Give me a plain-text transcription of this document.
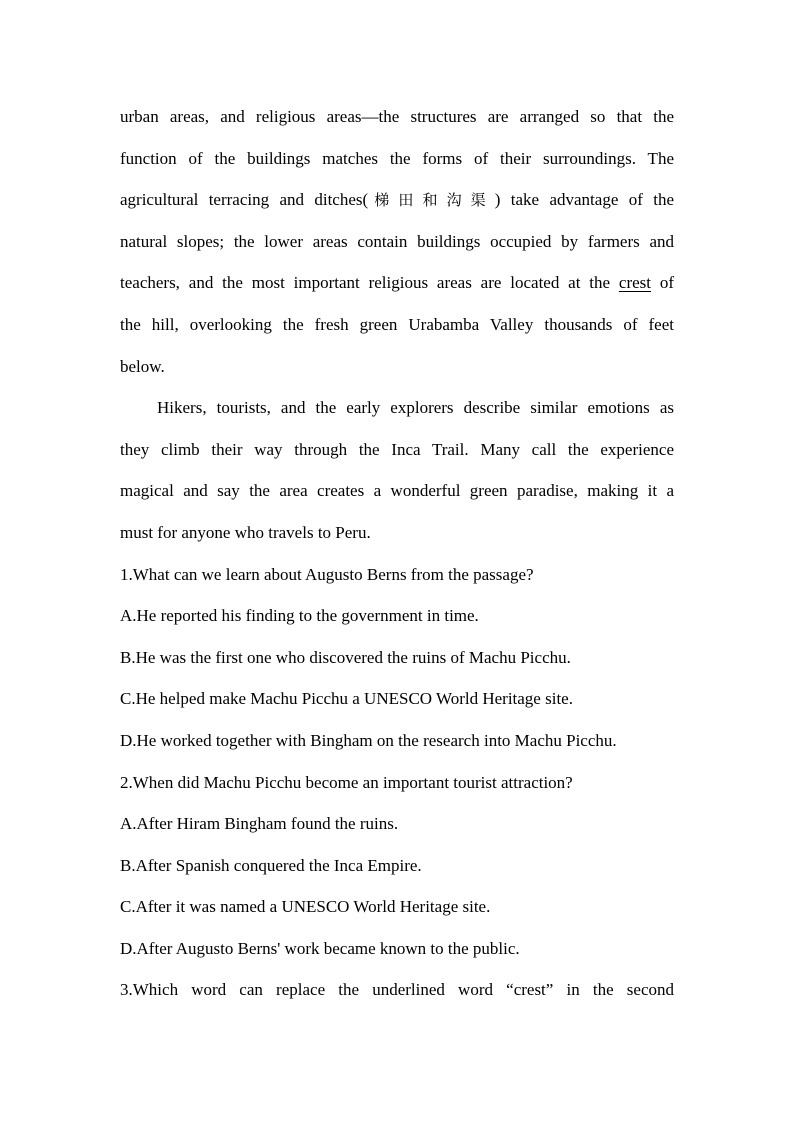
urban areas, and religious areas—the structures are arranged so that the
function of the buildings matches the forms of their surroundings. The
agricultural terracing and ditches(梯田和沟渠) take advantage of the
natural slopes; the lower areas contain buildings occupied by farmers and
teachers, and the most important religious areas are located at the crest of
the hill, overlooking the fresh green Urabamba Valley thousands of feet
below.
Hikers, tourists, and the early explorers describe similar emotions as
they climb their way through the Inca Trail. Many call the experience
magical and say the area creates a wonderful green paradise, making it a
must for anyone who travels to Peru.
1.What can we learn about Augusto Berns from the passage?
A.He reported his finding to the government in time.
B.He was the first one who discovered the ruins of Machu Picchu.
C.He helped make Machu Picchu a UNESCO World Heritage site.
D.He worked together with Bingham on the research into Machu Picchu.
2.When did Machu Picchu become an important tourist attraction?
A.After Hiram Bingham found the ruins.
B.After Spanish conquered the Inca Empire.
C.After it was named a UNESCO World Heritage site.
D.After Augusto Berns' work became known to the public.
3.Which word can replace the underlined word “crest” in the second
